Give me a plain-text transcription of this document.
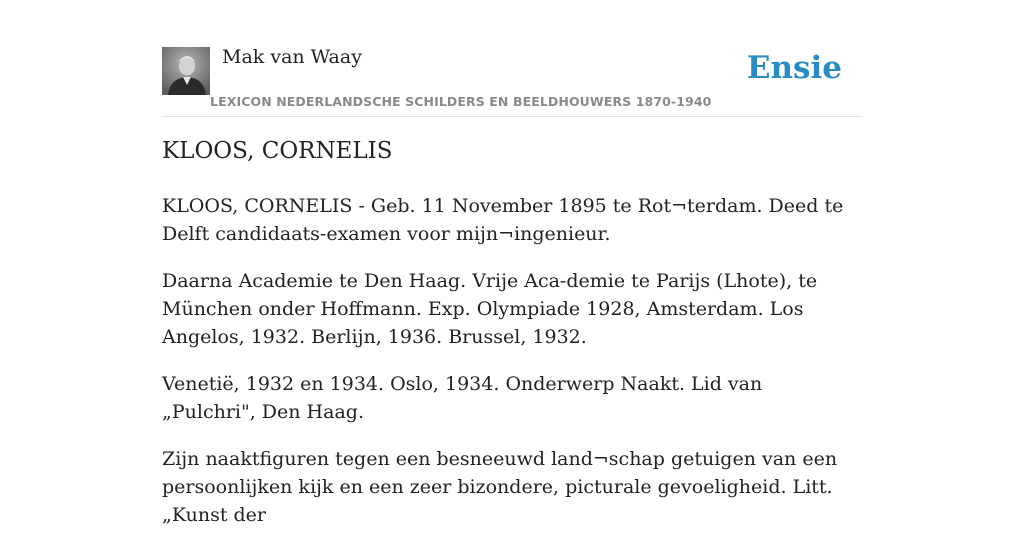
Mak van Waay
LEXICON NEDERLANDSCHE SCHILDERS EN BEELDHOUWERS 1870-1940
Ensie
KLOOS, CORNELIS

KLOOS, CORNELIS - Geb. 11 November 1895 te Rot¬terdam. Deed te Delft candidaats-examen voor mijn¬ingenieur.

Daarna Academie te Den Haag. Vrije Aca-demie te Parijs (Lhote), te München onder Hoffmann. Exp. Olympiade 1928, Amsterdam. Los Angelos, 1932. Berlijn, 1936. Brussel, 1932.

Venetië, 1932 en 1934. Oslo, 1934. Onderwerp Naakt. Lid van „Pulchri", Den Haag.

Zijn naaktfiguren tegen een besneeuwd land¬schap getuigen van een persoonlijken kijk en een zeer bizondere, picturale gevoeligheid. Litt. „Kunst der
